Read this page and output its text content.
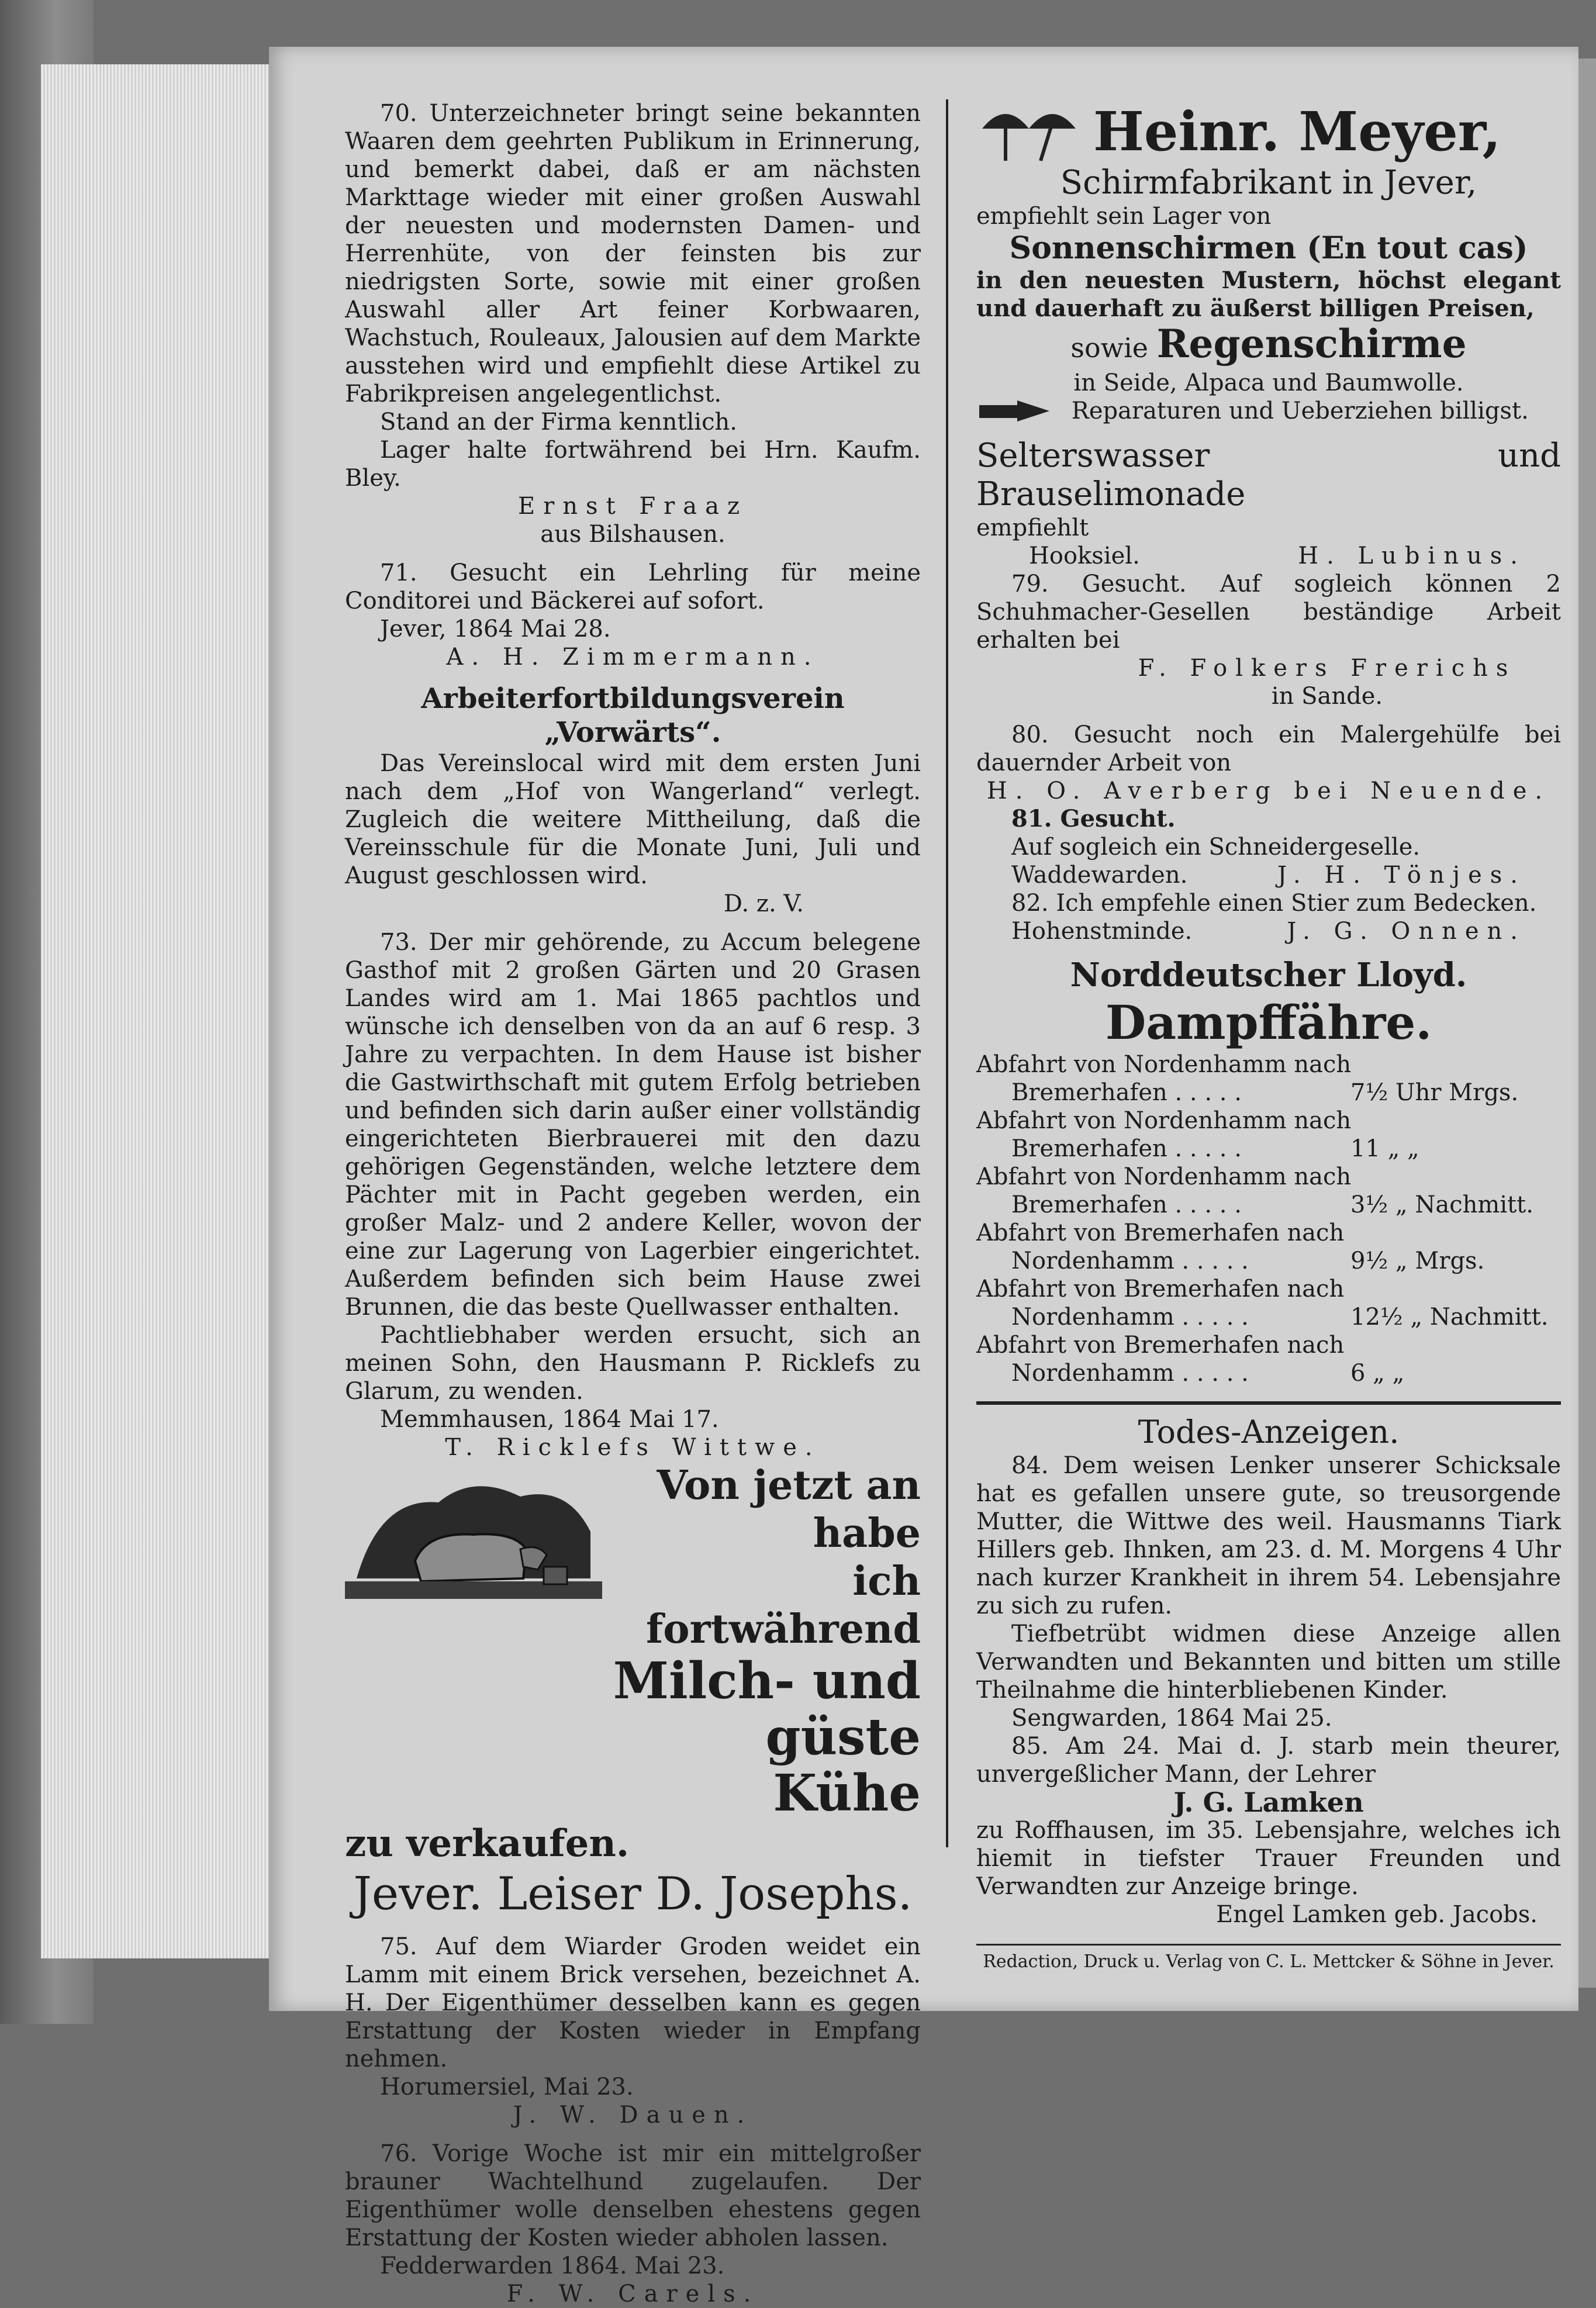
70. Unterzeichneter bringt seine bekannten Waaren dem geehrten Publikum in Erinnerung, und bemerkt dabei, daß er am nächsten Markttage wieder mit einer großen Auswahl der neuesten und modernsten Damen- und Herrenhüte, von der feinsten bis zur niedrigsten Sorte, sowie mit einer großen Auswahl aller Art feiner Korbwaaren, Wachstuch, Rouleaux, Jalousien auf dem Markte ausstehen wird und empfiehlt diese Artikel zu Fabrikpreisen angelegentlichst.

Stand an der Firma kenntlich.

Lager halte fortwährend bei Hrn. Kaufm. Bley.

Ernst Fraaz

aus Bilshausen.

71. Gesucht ein Lehrling für meine Conditorei und Bäckerei auf sofort.

Jever, 1864 Mai 28.

A. H. Zimmermann.

Arbeiterfortbildungsverein

„Vorwärts“.

Das Vereinslocal wird mit dem ersten Juni nach dem „Hof von Wangerland“ verlegt. Zugleich die weitere Mittheilung, daß die Vereinsschule für die Monate Juni, Juli und August geschlossen wird.

D. z. V.

73. Der mir gehörende, zu Accum belegene Gasthof mit 2 großen Gärten und 20 Grasen Landes wird am 1. Mai 1865 pachtlos und wünsche ich denselben von da an auf 6 resp. 3 Jahre zu verpachten. In dem Hause ist bisher die Gastwirthschaft mit gutem Erfolg betrieben und befinden sich darin außer einer vollständig eingerichteten Bierbrauerei mit den dazu gehörigen Gegenständen, welche letztere dem Pächter mit in Pacht gegeben werden, ein großer Malz- und 2 andere Keller, wovon der eine zur Lagerung von Lagerbier eingerichtet. Außerdem befinden sich beim Hause zwei Brunnen, die das beste Quellwasser enthalten.

Pachtliebhaber werden ersucht, sich an meinen Sohn, den Hausmann P. Ricklefs zu Glarum, zu wenden.

Memmhausen, 1864 Mai 17.

T. Ricklefs Wittwe.

Von jetzt an habe

ich fortwährend

Milch- und

güste Kühe

zu verkaufen.

Jever. Leiser D. Josephs.

75. Auf dem Wiarder Groden weidet ein Lamm mit einem Brick versehen, bezeichnet A. H. Der Eigenthümer desselben kann es gegen Erstattung der Kosten wieder in Empfang nehmen.

Horumersiel, Mai 23.

J. W. Dauen.

76. Vorige Woche ist mir ein mittelgroßer brauner Wachtelhund zugelaufen. Der Eigenthümer wolle denselben ehestens gegen Erstattung der Kosten wieder abholen lassen.

Fedderwarden 1864. Mai 23.

F. W. Carels.

Heinr. Meyer,

Schirmfabrikant in Jever,

empfiehlt sein Lager von

Sonnenschirmen (En tout cas)

in den neuesten Mustern, höchst elegant und dauerhaft zu äußerst billigen Preisen,

sowie Regenschirme

in Seide, Alpaca und Baumwolle.

Reparaturen und Ueberziehen billigst.

Selterswasser und Brauselimonade

empfiehlt

Hooksiel.	H. Lubinus.

79. Gesucht. Auf sogleich können 2 Schuhmacher-Gesellen beständige Arbeit erhalten bei

F. Folkers Frerichs

in Sande.

80. Gesucht noch ein Malergehülfe bei dauernder Arbeit von

H. O. Averberg bei Neuende.

81. Gesucht.

Auf sogleich ein Schneidergeselle.

Waddewarden.	J. H. Tönjes.

82. Ich empfehle einen Stier zum Bedecken.

Hohenstminde.	J. G. Onnen.

Norddeutscher Lloyd.

Dampffähre.

Abfahrt von Nordenhamm nach

Bremerhafen . . . . .	7½ Uhr Mrgs.

Abfahrt von Nordenhamm nach

Bremerhafen . . . . .	11 „ „

Abfahrt von Nordenhamm nach

Bremerhafen . . . . .	3½ „ Nachmitt.

Abfahrt von Bremerhafen nach

Nordenhamm . . . . .	9½ „ Mrgs.

Abfahrt von Bremerhafen nach

Nordenhamm . . . . .	12½ „ Nachmitt.

Abfahrt von Bremerhafen nach

Nordenhamm . . . . .	6 „ „

Todes-Anzeigen.

84. Dem weisen Lenker unserer Schicksale hat es gefallen unsere gute, so treusorgende Mutter, die Wittwe des weil. Hausmanns Tiark Hillers geb. Ihnken, am 23. d. M. Morgens 4 Uhr nach kurzer Krankheit in ihrem 54. Lebensjahre zu sich zu rufen.

Tiefbetrübt widmen diese Anzeige allen Verwandten und Bekannten und bitten um stille Theilnahme die hinterbliebenen Kinder.

Sengwarden, 1864 Mai 25.

85. Am 24. Mai d. J. starb mein theurer, unvergeßlicher Mann, der Lehrer

J. G. Lamken

zu Roffhausen, im 35. Lebensjahre, welches ich hiemit in tiefster Trauer Freunden und Verwandten zur Anzeige bringe.

Engel Lamken geb. Jacobs.

Redaction, Druck u. Verlag von C. L. Mettcker & Söhne in Jever.
